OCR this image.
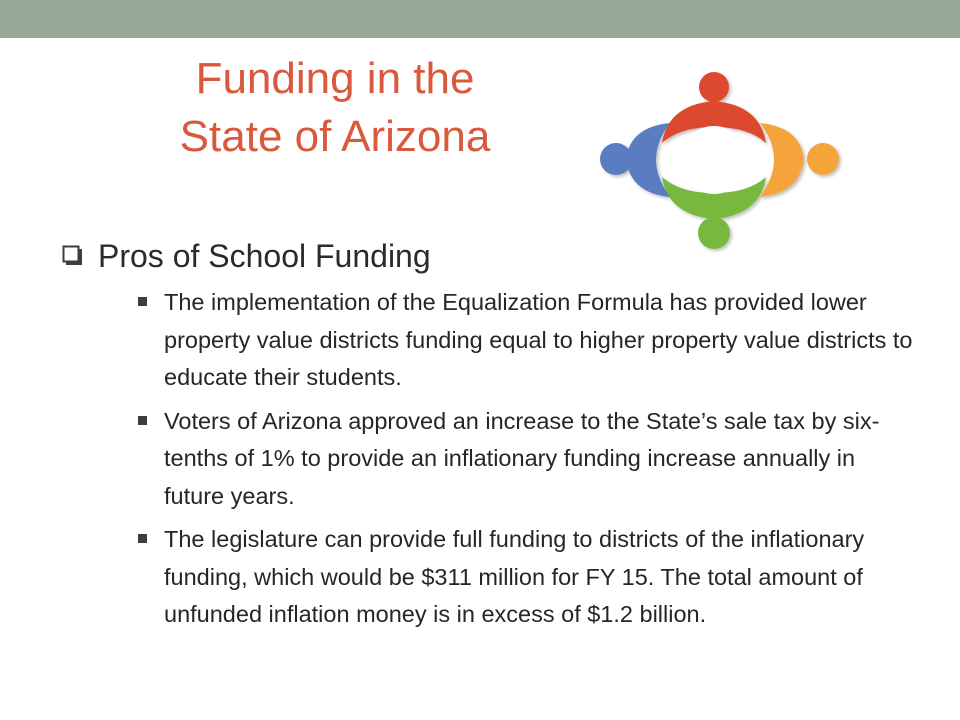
Funding in the
State of Arizona
Pros of School Funding
The implementation of the Equalization Formula has provided lower property value districts funding equal to higher property value districts to educate their students.
Voters of Arizona approved an increase to the State’s sale tax by six-tenths of 1% to provide an inflationary funding increase annually in future years.
The legislature can provide full funding to districts of the inflationary funding, which would be $311 million for FY 15. The total amount of unfunded inflation money is in excess of $1.2 billion.
